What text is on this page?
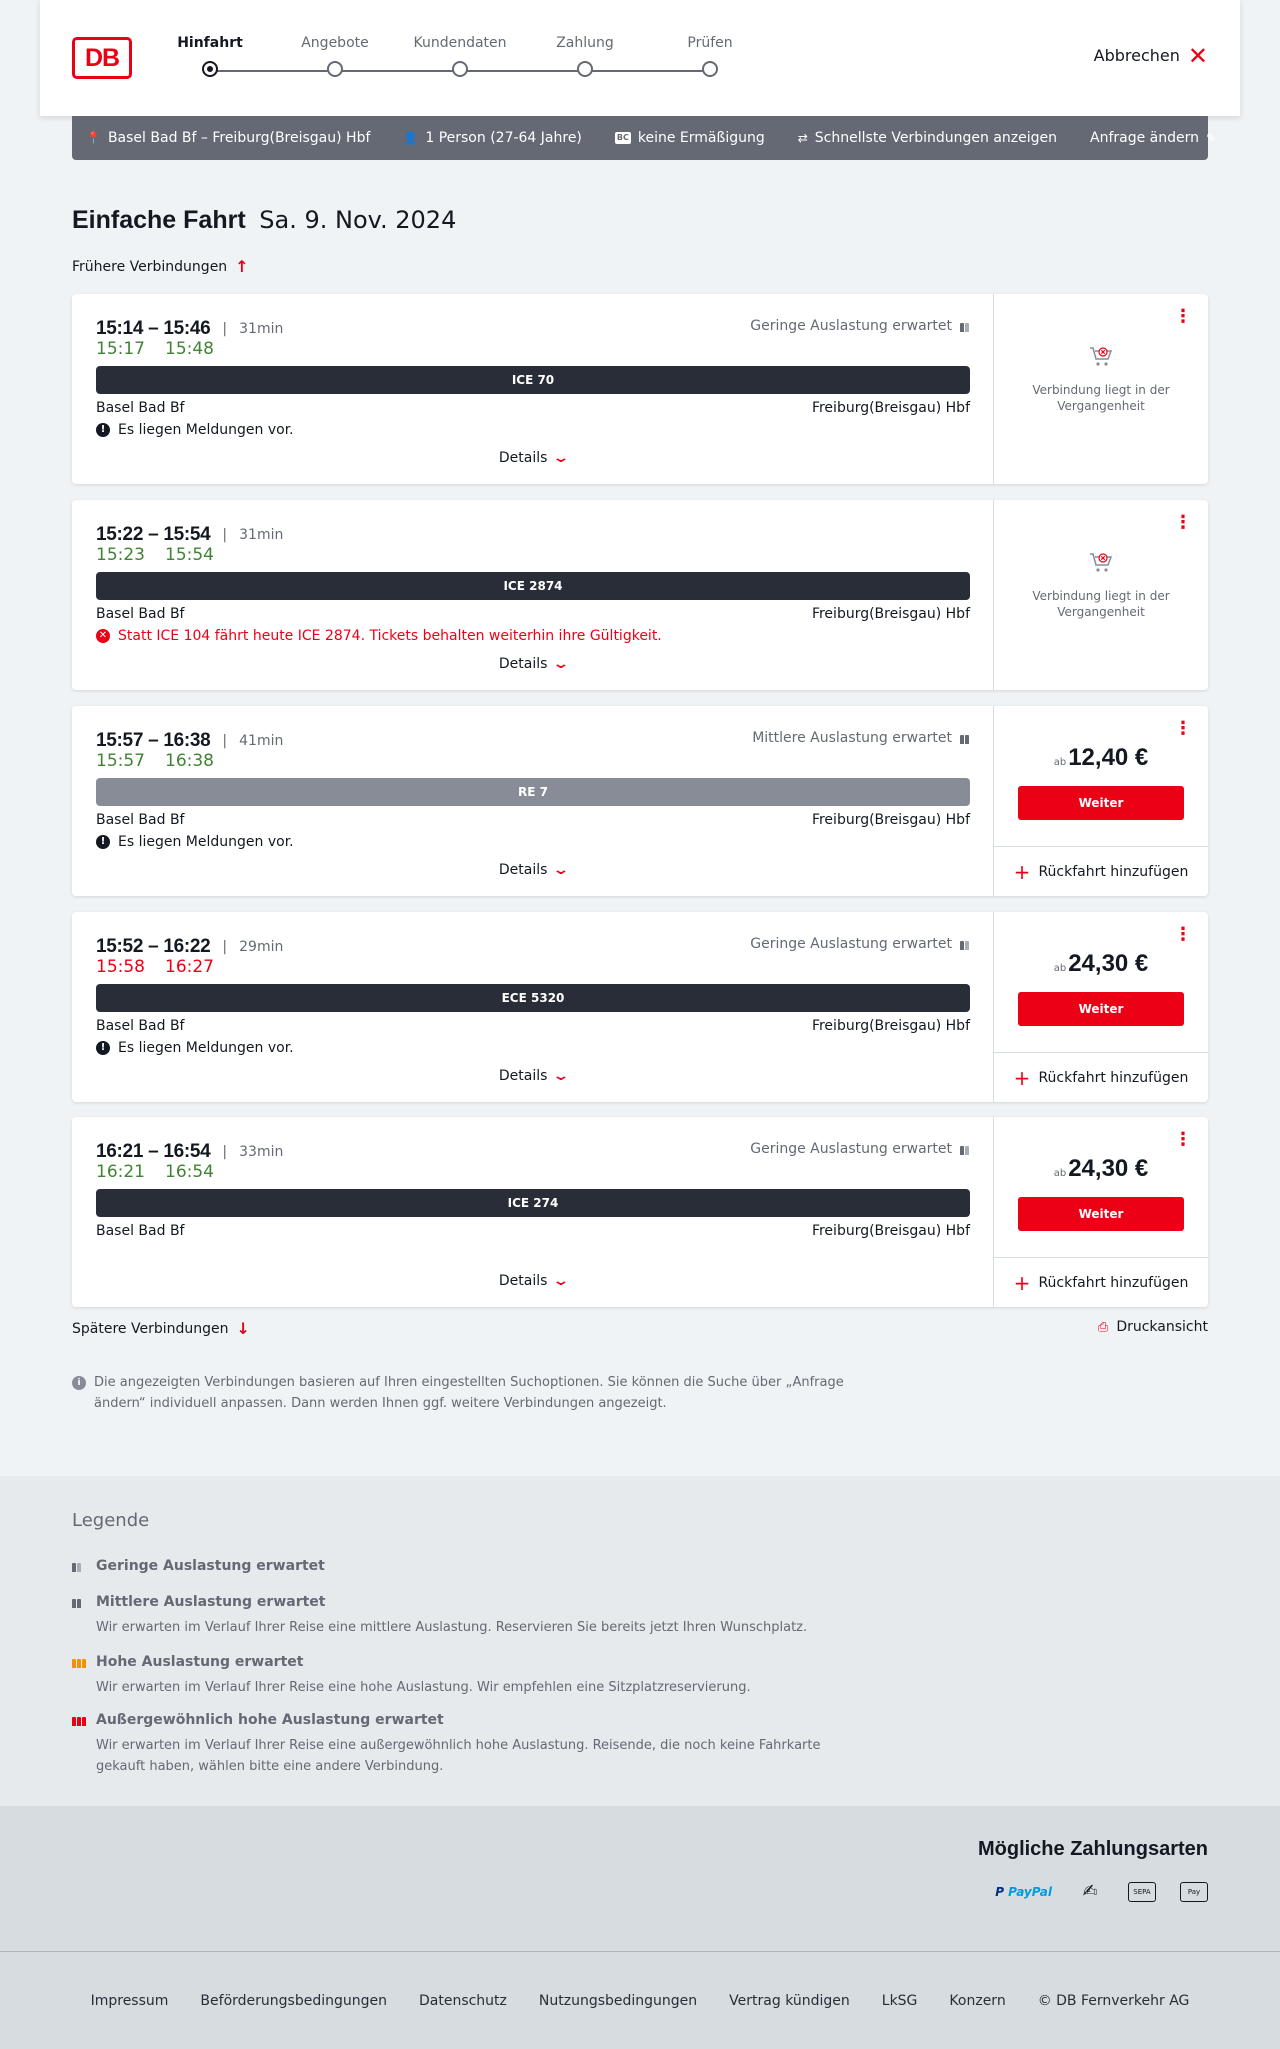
DB
Hinfahrt	Angebote	Kundendaten	Zahlung	Prüfen
Abbrechen ✕
📍 Basel Bad Bf – Freiburg(Breisgau) Hbf	👤 1 Person (27-64 Jahre)	BC keine Ermäßigung	⇄ Schnellste Verbindungen anzeigen Anfrage ändern ✎
Einfache Fahrt Sa. 9. Nov. 2024
Frühere Verbindungen ↑
15:14 – 15:46 | 31min
15:17 15:48
Geringe Auslastung erwartet
ICE 70
Basel Bad Bf	Freiburg(Breisgau) Hbf
! Es liegen Meldungen vor.
Details ⌄
⋮
Verbindung liegt in der Vergangenheit
15:22 – 15:54 | 31min
15:23 15:54
ICE 2874
Basel Bad Bf	Freiburg(Breisgau) Hbf
✕ Statt ICE 104 fährt heute ICE 2874. Tickets behalten weiterhin ihre Gültigkeit.
Details ⌄
⋮
Verbindung liegt in der Vergangenheit
15:57 – 16:38 | 41min
15:57 16:38
Mittlere Auslastung erwartet
RE 7
Basel Bad Bf	Freiburg(Breisgau) Hbf
! Es liegen Meldungen vor.
Details ⌄
⋮
ab12,40 €
Weiter
+ Rückfahrt hinzufügen
15:52 – 16:22 | 29min
15:58 16:27
Geringe Auslastung erwartet
ECE 5320
Basel Bad Bf	Freiburg(Breisgau) Hbf
! Es liegen Meldungen vor.
Details ⌄
⋮
ab24,30 €
Weiter
+ Rückfahrt hinzufügen
16:21 – 16:54 | 33min
16:21 16:54
Geringe Auslastung erwartet
ICE 274
Basel Bad Bf	Freiburg(Breisgau) Hbf
Details ⌄
⋮
ab24,30 €
Weiter
+ Rückfahrt hinzufügen
Spätere Verbindungen ↓	⎙ Druckansicht
i	Die angezeigten Verbindungen basieren auf Ihren eingestellten Suchoptionen. Sie können die Suche über „Anfrage ändern“ individuell anpassen. Dann werden Ihnen ggf. weitere Verbindungen angezeigt.
Legende
Geringe Auslastung erwartet
Mittlere Auslastung erwartet
Wir erwarten im Verlauf Ihrer Reise eine mittlere Auslastung. Reservieren Sie bereits jetzt Ihren Wunschplatz.
Hohe Auslastung erwartet
Wir erwarten im Verlauf Ihrer Reise eine hohe Auslastung. Wir empfehlen eine Sitzplatzreservierung.
Außergewöhnlich hohe Auslastung erwartet
Wir erwarten im Verlauf Ihrer Reise eine außergewöhnlich hohe Auslastung. Reisende, die noch keine Fahrkarte gekauft haben, wählen bitte eine andere Verbindung.
Mögliche Zahlungsarten
P PayPal	✍	SEPA	Pay
Impressum Beförderungsbedingungen Datenschutz Nutzungsbedingungen Vertrag kündigen LkSG Konzern © DB Fernverkehr AG
